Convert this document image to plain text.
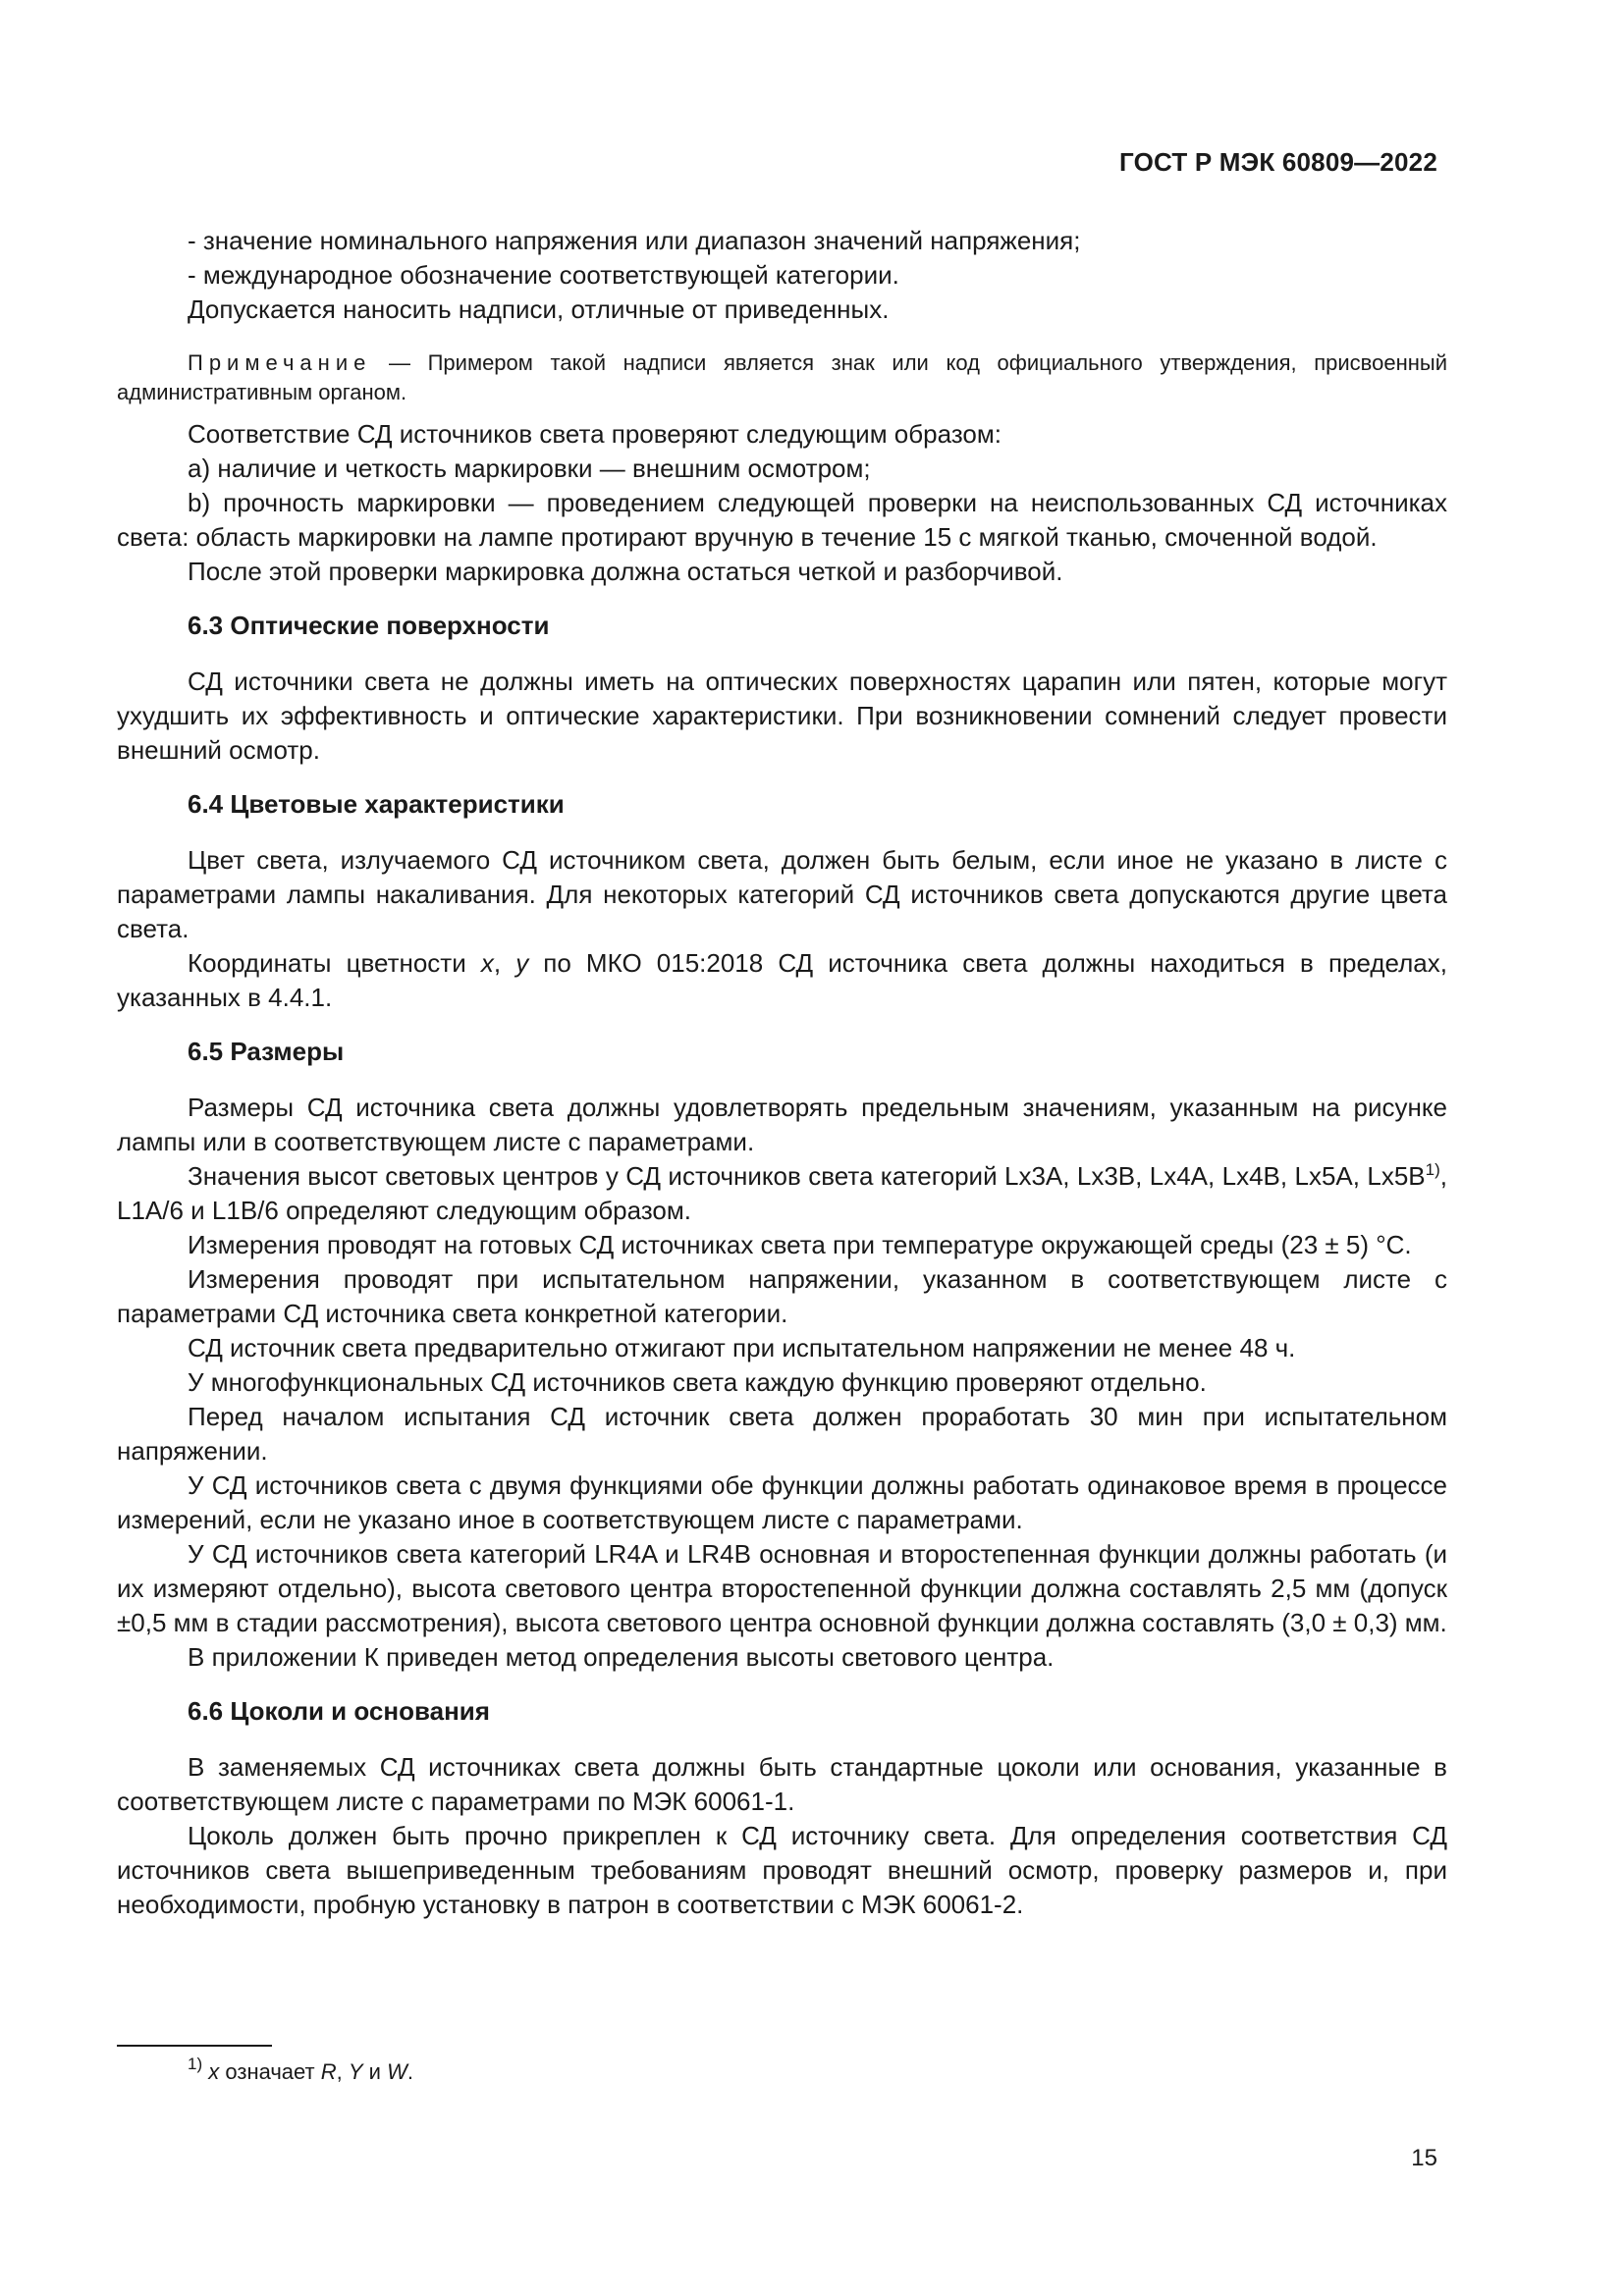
ГОСТ Р МЭК 60809—2022

- значение номинального напряжения или диапазон значений напряжения;

- международное обозначение соответствующей категории.

Допускается наносить надписи, отличные от приведенных.

Примечание — Примером такой надписи является знак или код официального утверждения, присвоенный административным органом.

Соответствие СД источников света проверяют следующим образом:

а) наличие и четкость маркировки — внешним осмотром;

b) прочность маркировки — проведением следующей проверки на неиспользованных СД источниках света: область маркировки на лампе протирают вручную в течение 15 с мягкой тканью, смоченной водой.

После этой проверки маркировка должна остаться четкой и разборчивой.

6.3 Оптические поверхности

СД источники света не должны иметь на оптических поверхностях царапин или пятен, которые могут ухудшить их эффективность и оптические характеристики. При возникновении сомнений следует провести внешний осмотр.

6.4 Цветовые характеристики

Цвет света, излучаемого СД источником света, должен быть белым, если иное не указано в листе с параметрами лампы накаливания. Для некоторых категорий СД источников света допускаются другие цвета света.

Координаты цветности x, y по МКО 015:2018 СД источника света должны находиться в пределах, указанных в 4.4.1.

6.5 Размеры

Размеры СД источника света должны удовлетворять предельным значениям, указанным на рисунке лампы или в соответствующем листе с параметрами.

Значения высот световых центров у СД источников света категорий Lx3A, Lx3B, Lx4A, Lx4B, Lx5A, $Lx5B^{1)}$, L1A/6 и L1B/6 определяют следующим образом.

Измерения проводят на готовых СД источниках света при температуре окружающей среды (23 ± 5) °С.

Измерения проводят при испытательном напряжении, указанном в соответствующем листе с параметрами СД источника света конкретной категории.

СД источник света предварительно отжигают при испытательном напряжении не менее 48 ч.

У многофункциональных СД источников света каждую функцию проверяют отдельно.

Перед началом испытания СД источник света должен проработать 30 мин при испытательном напряжении.

У СД источников света с двумя функциями обе функции должны работать одинаковое время в процессе измерений, если не указано иное в соответствующем листе с параметрами.

У СД источников света категорий LR4A и LR4B основная и второстепенная функции должны работать (и их измеряют отдельно), высота светового центра второстепенной функции должна составлять 2,5 мм (допуск ±0,5 мм в стадии рассмотрения), высота светового центра основной функции должна составлять (3,0 ± 0,3) мм.

В приложении К приведен метод определения высоты светового центра.

6.6 Цоколи и основания

В заменяемых СД источниках света должны быть стандартные цоколи или основания, указанные в соответствующем листе с параметрами по МЭК 60061-1.

Цоколь должен быть прочно прикреплен к СД источнику света. Для определения соответствия СД источников света вышеприведенным требованиям проводят внешний осмотр, проверку размеров и, при необходимости, пробную установку в патрон в соответствии с МЭК 60061-2.

$^{1)}$ x означает R, Y и W.
15
